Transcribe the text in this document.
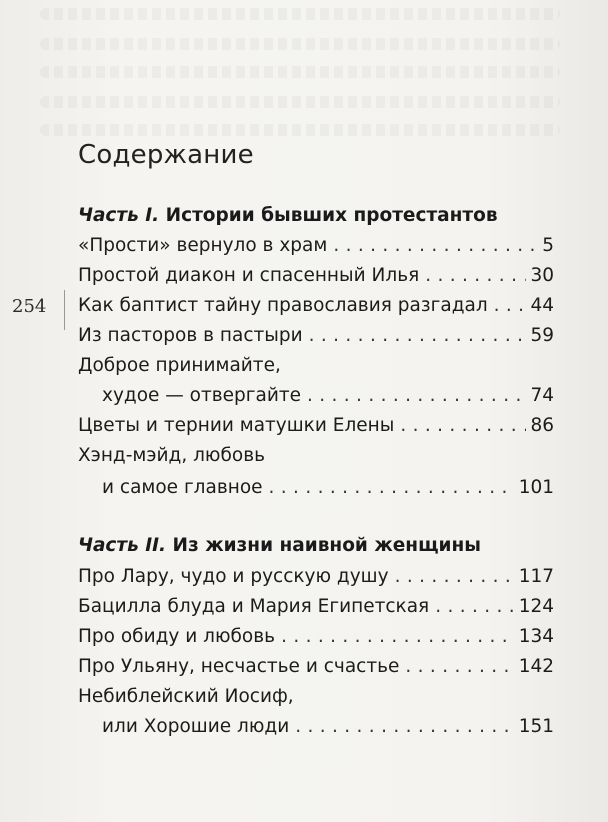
254
Содержание
Часть I. Истории бывших протестантов
«Прости» вернуло в храм . . .	5
Простой диакон и спасенный Илья . . .	30
Как баптист тайну православия разгадал . . . 44
Из пасторов в пастыри . . .	59
Доброе принимайте,
худое — отвергайте . . .	74
Цветы и тернии матушки Елены . . .	86
Хэнд-мэйд, любовь
и самое главное . . .	101
Часть II. Из жизни наивной женщины
Про Лару, чудо и русскую душу . . .	117
Бацилла блуда и Мария Египетская . . .	124
Про обиду и любовь . . .	134
Про Ульяну, несчастье и счастье . . .	142
Небиблейский Иосиф,
или Хорошие люди . . .	151
